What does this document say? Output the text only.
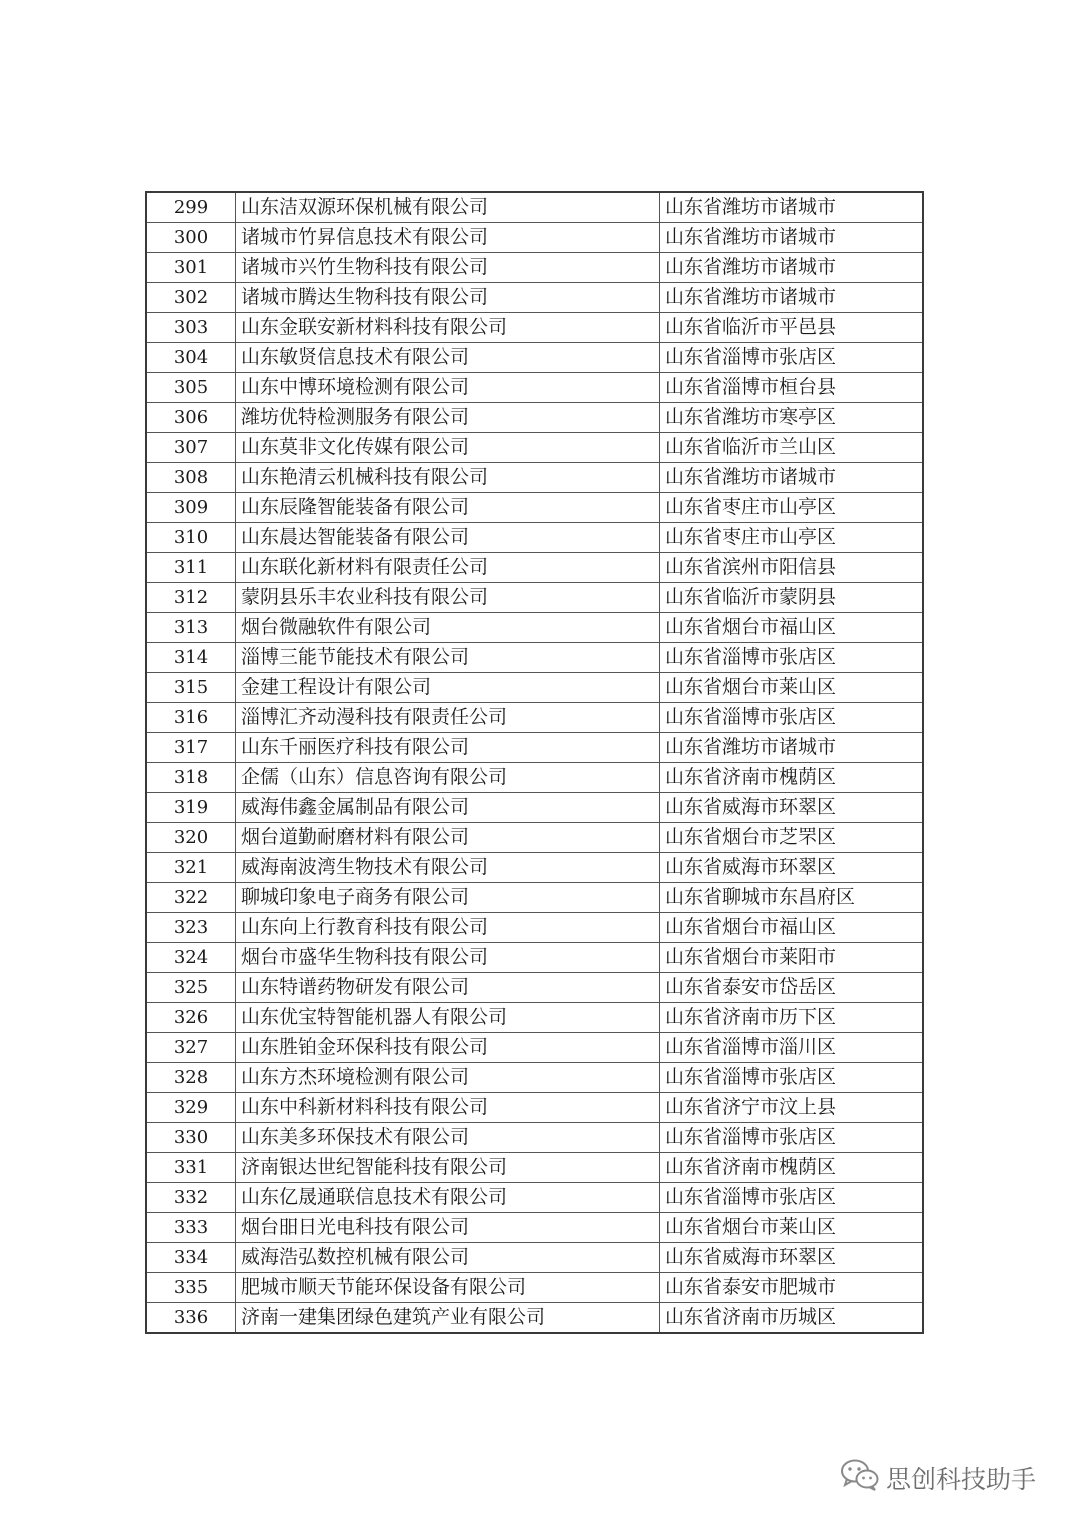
299	山东洁双源环保机械有限公司	山东省潍坊市诸城市
300	诸城市竹昇信息技术有限公司	山东省潍坊市诸城市
301	诸城市兴竹生物科技有限公司	山东省潍坊市诸城市
302	诸城市腾达生物科技有限公司	山东省潍坊市诸城市
303	山东金联安新材料科技有限公司	山东省临沂市平邑县
304	山东敏贤信息技术有限公司	山东省淄博市张店区
305	山东中博环境检测有限公司	山东省淄博市桓台县
306	潍坊优特检测服务有限公司	山东省潍坊市寒亭区
307	山东莫非文化传媒有限公司	山东省临沂市兰山区
308	山东艳清云机械科技有限公司	山东省潍坊市诸城市
309	山东辰隆智能装备有限公司	山东省枣庄市山亭区
310	山东晨达智能装备有限公司	山东省枣庄市山亭区
311	山东联化新材料有限责任公司	山东省滨州市阳信县
312	蒙阴县乐丰农业科技有限公司	山东省临沂市蒙阴县
313	烟台微融软件有限公司	山东省烟台市福山区
314	淄博三能节能技术有限公司	山东省淄博市张店区
315	金建工程设计有限公司	山东省烟台市莱山区
316	淄博汇齐动漫科技有限责任公司	山东省淄博市张店区
317	山东千丽医疗科技有限公司	山东省潍坊市诸城市
318	企儒（山东）信息咨询有限公司	山东省济南市槐荫区
319	威海伟鑫金属制品有限公司	山东省威海市环翠区
320	烟台道勤耐磨材料有限公司	山东省烟台市芝罘区
321	威海南波湾生物技术有限公司	山东省威海市环翠区
322	聊城印象电子商务有限公司	山东省聊城市东昌府区
323	山东向上行教育科技有限公司	山东省烟台市福山区
324	烟台市盛华生物科技有限公司	山东省烟台市莱阳市
325	山东特谱药物研发有限公司	山东省泰安市岱岳区
326	山东优宝特智能机器人有限公司	山东省济南市历下区
327	山东胜铂金环保科技有限公司	山东省淄博市淄川区
328	山东方杰环境检测有限公司	山东省淄博市张店区
329	山东中科新材料科技有限公司	山东省济宁市汶上县
330	山东美多环保技术有限公司	山东省淄博市张店区
331	济南银达世纪智能科技有限公司	山东省济南市槐荫区
332	山东亿晟通联信息技术有限公司	山东省淄博市张店区
333	烟台昍日光电科技有限公司	山东省烟台市莱山区
334	威海浩弘数控机械有限公司	山东省威海市环翠区
335	肥城市顺天节能环保设备有限公司	山东省泰安市肥城市
336	济南一建集团绿色建筑产业有限公司	山东省济南市历城区
思创科技助手
